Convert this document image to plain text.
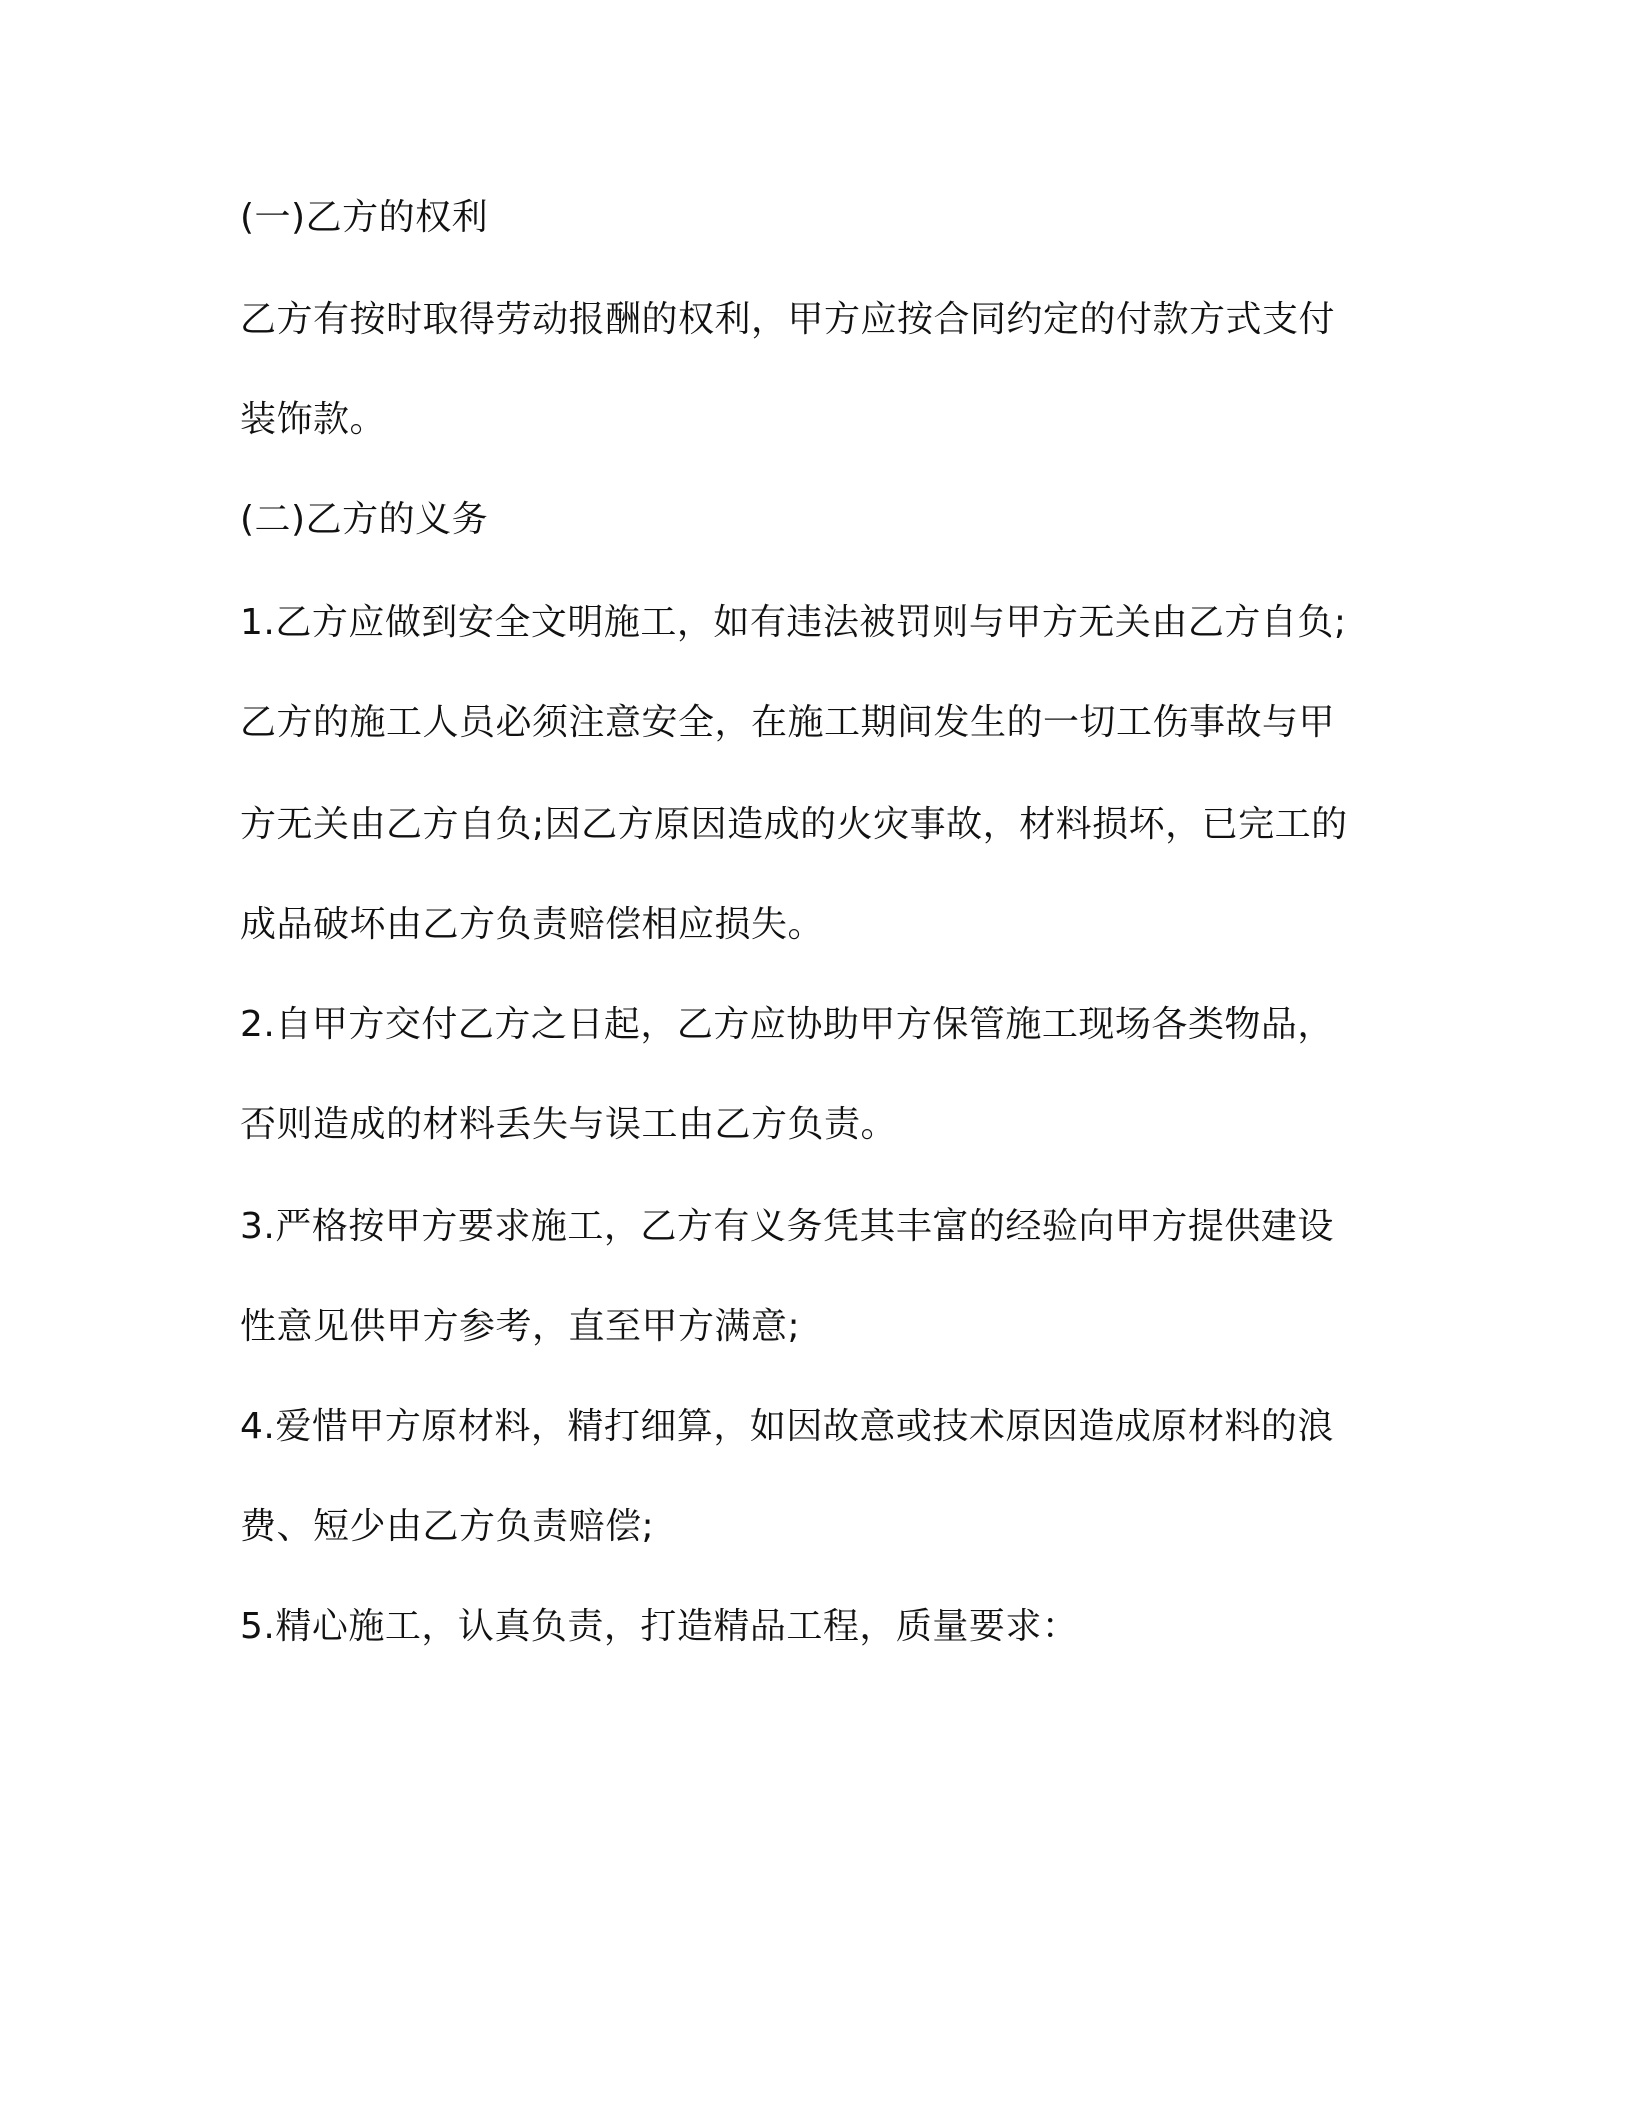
(一)乙方的权利
乙方有按时取得劳动报酬的权利，甲方应按合同约定的付款方式支付
装饰款。
(二)乙方的义务
1.乙方应做到安全文明施工，如有违法被罚则与甲方无关由乙方自负;
乙方的施工人员必须注意安全，在施工期间发生的一切工伤事故与甲
方无关由乙方自负;因乙方原因造成的火灾事故，材料损坏，已完工的
成品破坏由乙方负责赔偿相应损失。
2.自甲方交付乙方之日起，乙方应协助甲方保管施工现场各类物品，
否则造成的材料丢失与误工由乙方负责。
3.严格按甲方要求施工，乙方有义务凭其丰富的经验向甲方提供建设
性意见供甲方参考，直至甲方满意;
4.爱惜甲方原材料，精打细算，如因故意或技术原因造成原材料的浪
费、短少由乙方负责赔偿;
5.精心施工，认真负责，打造精品工程，质量要求：
